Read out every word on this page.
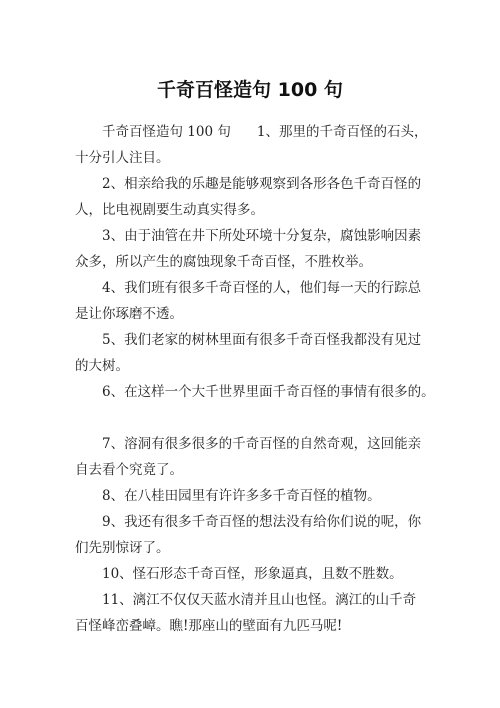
千奇百怪造句 100 句

千奇百怪造句 100 句 1、那里的千奇百怪的石头，
十分引人注目。

2、相亲给我的乐趣是能够观察到各形各色千奇百怪的
人，比电视剧要生动真实得多。

3、由于油管在井下所处环境十分复杂，腐蚀影响因素
众多，所以产生的腐蚀现象千奇百怪，不胜枚举。

4、我们班有很多千奇百怪的人，他们每一天的行踪总
是让你琢磨不透。

5、我们老家的树林里面有很多千奇百怪我都没有见过
的大树。

6、在这样一个大千世界里面千奇百怪的事情有很多的。

7、溶洞有很多很多的千奇百怪的自然奇观，这回能亲
自去看个究竟了。

8、在八桂田园里有许许多多千奇百怪的植物。

9、我还有很多千奇百怪的想法没有给你们说的呢，你
们先别惊讶了。

10、怪石形态千奇百怪，形象逼真，且数不胜数。

11、漓江不仅仅天蓝水清并且山也怪。漓江的山千奇
百怪峰峦叠嶂。瞧!那座山的壁面有九匹马呢!
